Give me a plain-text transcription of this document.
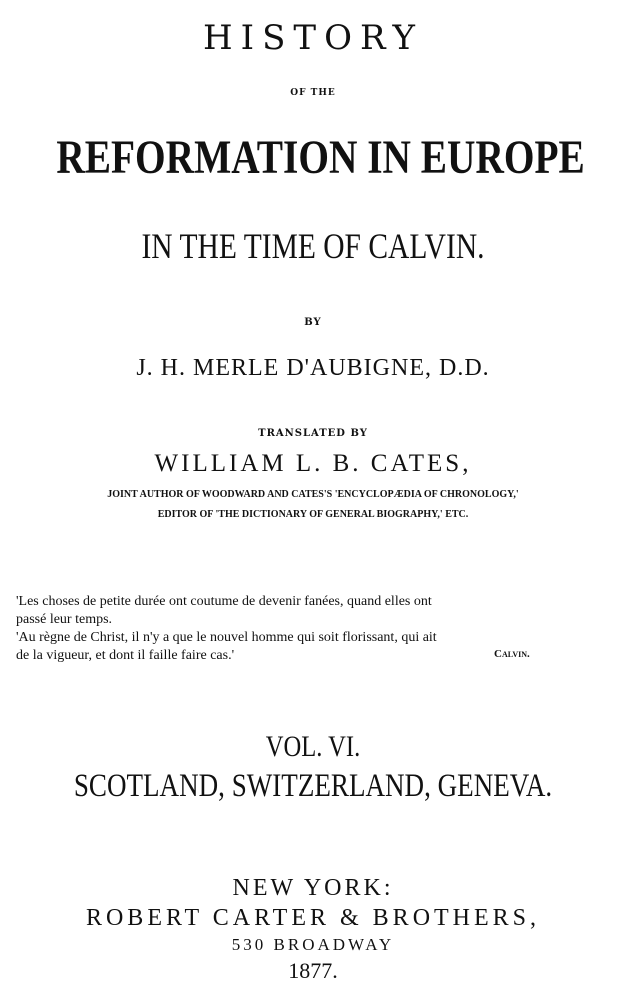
HISTORY
OF THE
REFORMATION IN EUROPE
IN THE TIME OF CALVIN.
BY
J. H. MERLE D'AUBIGNE, D.D.
TRANSLATED BY
WILLIAM L. B. CATES,
JOINT AUTHOR OF WOODWARD AND CATES'S 'ENCYCLOPÆDIA OF CHRONOLOGY,'
EDITOR OF 'THE DICTIONARY OF GENERAL BIOGRAPHY,' ETC.
'Les choses de petite durée ont coutume de devenir fanées, quand elles ont
passé leur temps.
'Au règne de Christ, il n'y a que le nouvel homme qui soit florissant, qui ait
de la vigueur, et dont il faille faire cas.'	Calvin.
VOL. VI.
SCOTLAND, SWITZERLAND, GENEVA.
NEW YORK:
ROBERT CARTER & BROTHERS,
530 BROADWAY
1877.
